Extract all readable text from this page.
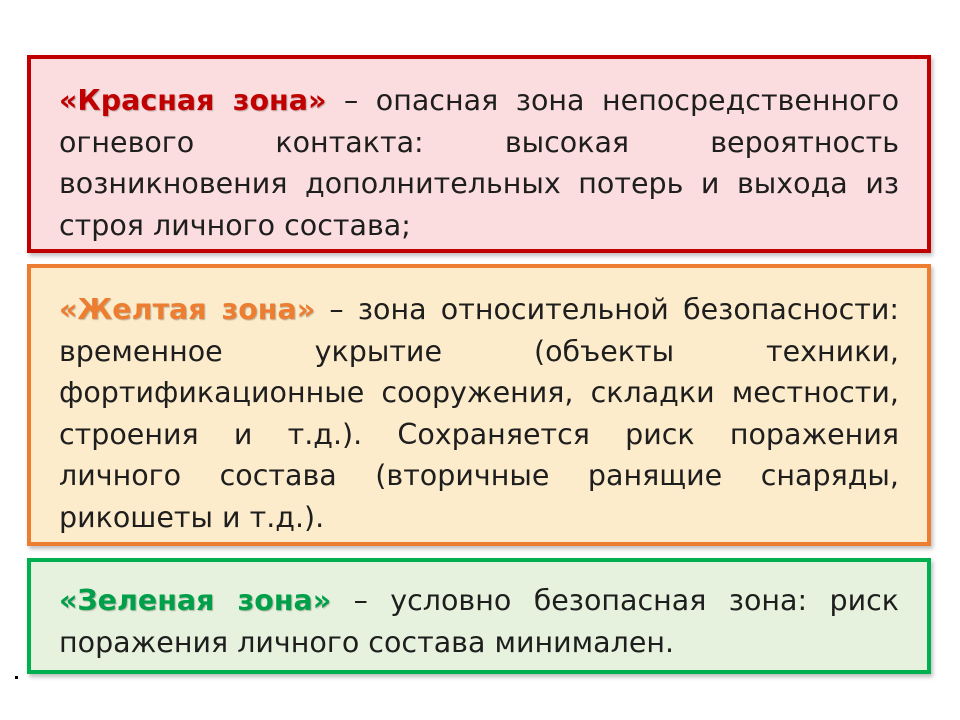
«Красная зона» – опасная зона непосредственного огневого контакта: высокая вероятность возникновения дополнительных потерь и выхода из строя личного состава;

«Желтая зона» – зона относительной безопасности: временное укрытие (объекты техники, фортификационные сооружения, складки местности, строения и т.д.). Сохраняется риск поражения личного состава (вторичные ранящие снаряды, рикошеты и т.д.).

«Зеленая зона» – условно безопасная зона: риск поражения личного состава минимален.
